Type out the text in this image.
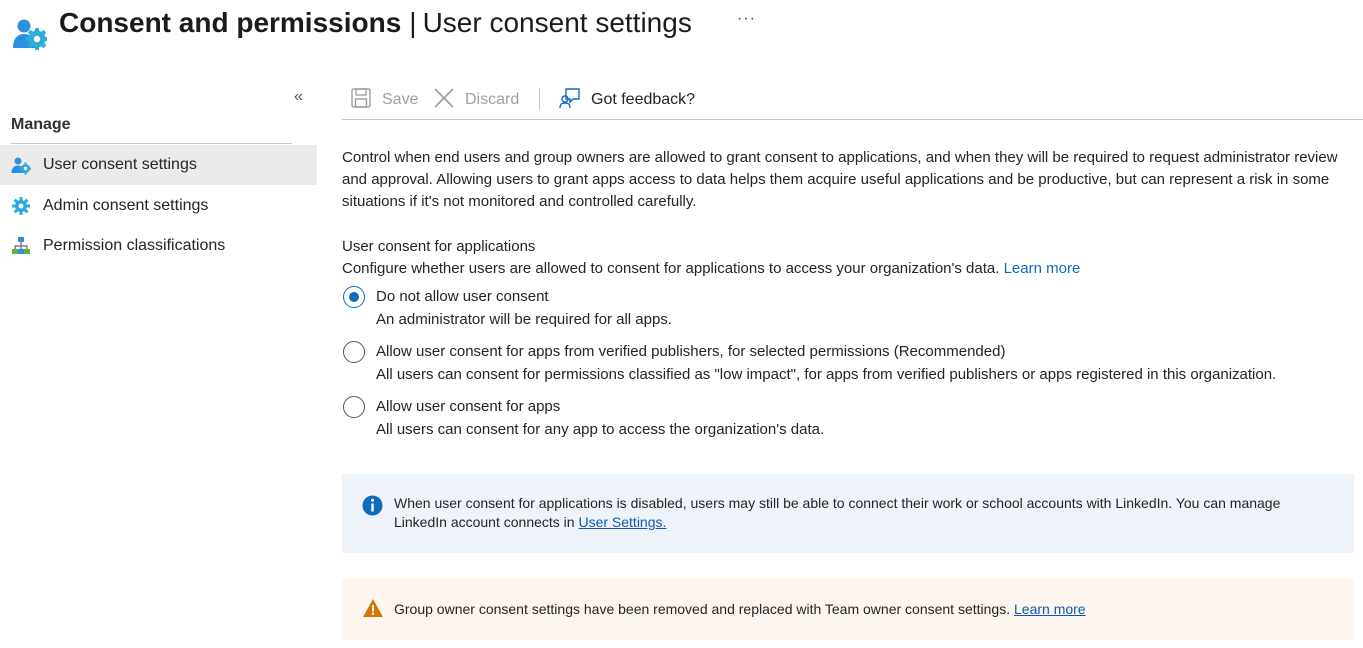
Consent and permissions | User consent settings	···
«
Manage
User consent settings
Admin consent settings
Permission classifications
Save	Discard	Got feedback?
Control when end users and group owners are allowed to grant consent to applications, and when they will be required to request administrator review and approval. Allowing users to grant apps access to data helps them acquire useful applications and be productive, but can represent a risk in some situations if it's not monitored and controlled carefully.
User consent for applications
Configure whether users are allowed to consent for applications to access your organization's data. Learn more
Do not allow user consent
An administrator will be required for all apps.
Allow user consent for apps from verified publishers, for selected permissions (Recommended)
All users can consent for permissions classified as "low impact", for apps from verified publishers or apps registered in this organization.
Allow user consent for apps
All users can consent for any app to access the organization's data.
When user consent for applications is disabled, users may still be able to connect their work or school accounts with LinkedIn. You can manage LinkedIn account connects in User Settings.
Group owner consent settings have been removed and replaced with Team owner consent settings. Learn more
